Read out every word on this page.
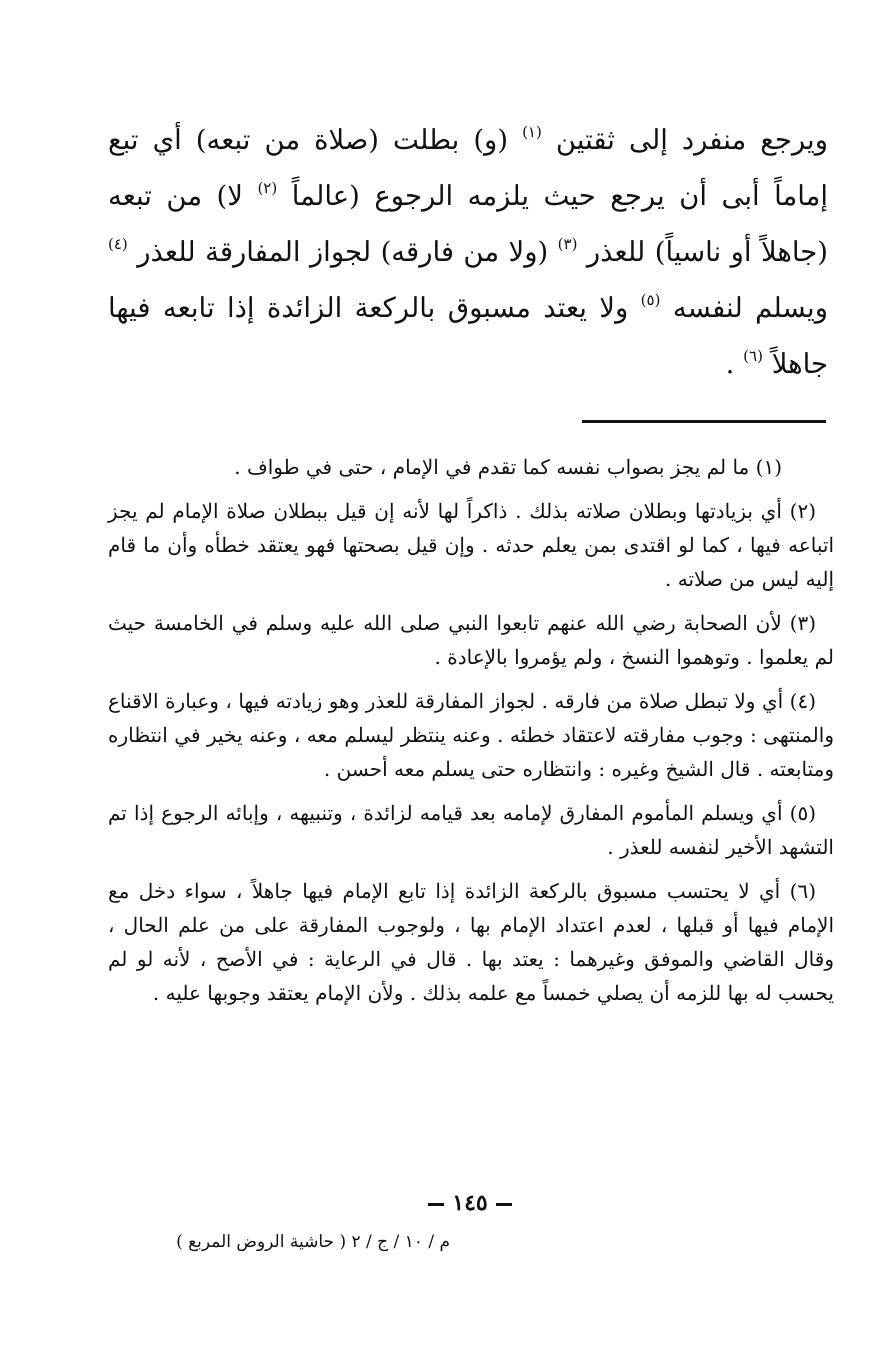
ويرجع منفرد إلى ثقتين $^{(١)}$ (و) بطلت (صلاة من تبعه) أي تبع إماماً أبى أن يرجع حيث يلزمه الرجوع (عالماً $^{(٢)}$ لا) من تبعه (جاهلاً أو ناسياً) للعذر $^{(٣)}$ (ولا من فارقه) لجواز المفارقة للعذر $^{(٤)}$ ويسلم لنفسه $^{(٥)}$ ولا يعتد مسبوق بالركعة الزائدة إذا تابعه فيها جاهلاً $^{(٦)}$ .

(١) ما لم يجز بصواب نفسه كما تقدم في الإمام ، حتى في طواف .

(٢) أي بزيادتها وبطلان صلاته بذلك . ذاكراً لها لأنه إن قيل ببطلان صلاة الإمام لم يجز اتباعه فيها ، كما لو اقتدى بمن يعلم حدثه . وإن قيل بصحتها فهو يعتقد خطأه وأن ما قام إليه ليس من صلاته .

(٣) لأن الصحابة رضي الله عنهم تابعوا النبي صلى الله عليه وسلم في الخامسة حيث لم يعلموا . وتوهموا النسخ ، ولم يؤمروا بالإعادة .

(٤) أي ولا تبطل صلاة من فارقه . لجواز المفارقة للعذر وهو زيادته فيها ، وعبارة الاقناع والمنتهى : وجوب مفارقته لاعتقاد خطئه . وعنه ينتظر ليسلم معه ، وعنه يخير في انتظاره ومتابعته . قال الشيخ وغيره : وانتظاره حتى يسلم معه أحسن .

(٥) أي ويسلم المأموم المفارق لإمامه بعد قيامه لزائدة ، وتنبيهه ، وإبائه الرجوع إذا تم التشهد الأخير لنفسه للعذر .

(٦) أي لا يحتسب مسبوق بالركعة الزائدة إذا تابع الإمام فيها جاهلاً ، سواء دخل مع الإمام فيها أو قبلها ، لعدم اعتداد الإمام بها ، ولوجوب المفارقة على من علم الحال ، وقال القاضي والموفق وغيرهما : يعتد بها . قال في الرعاية : في الأصح ، لأنه لو لم يحسب له بها للزمه أن يصلي خمساً مع علمه بذلك . ولأن الإمام يعتقد وجوبها عليه .

١٤٥
م / ١٠ / ج / ٢ ( حاشية الروض المربع )
